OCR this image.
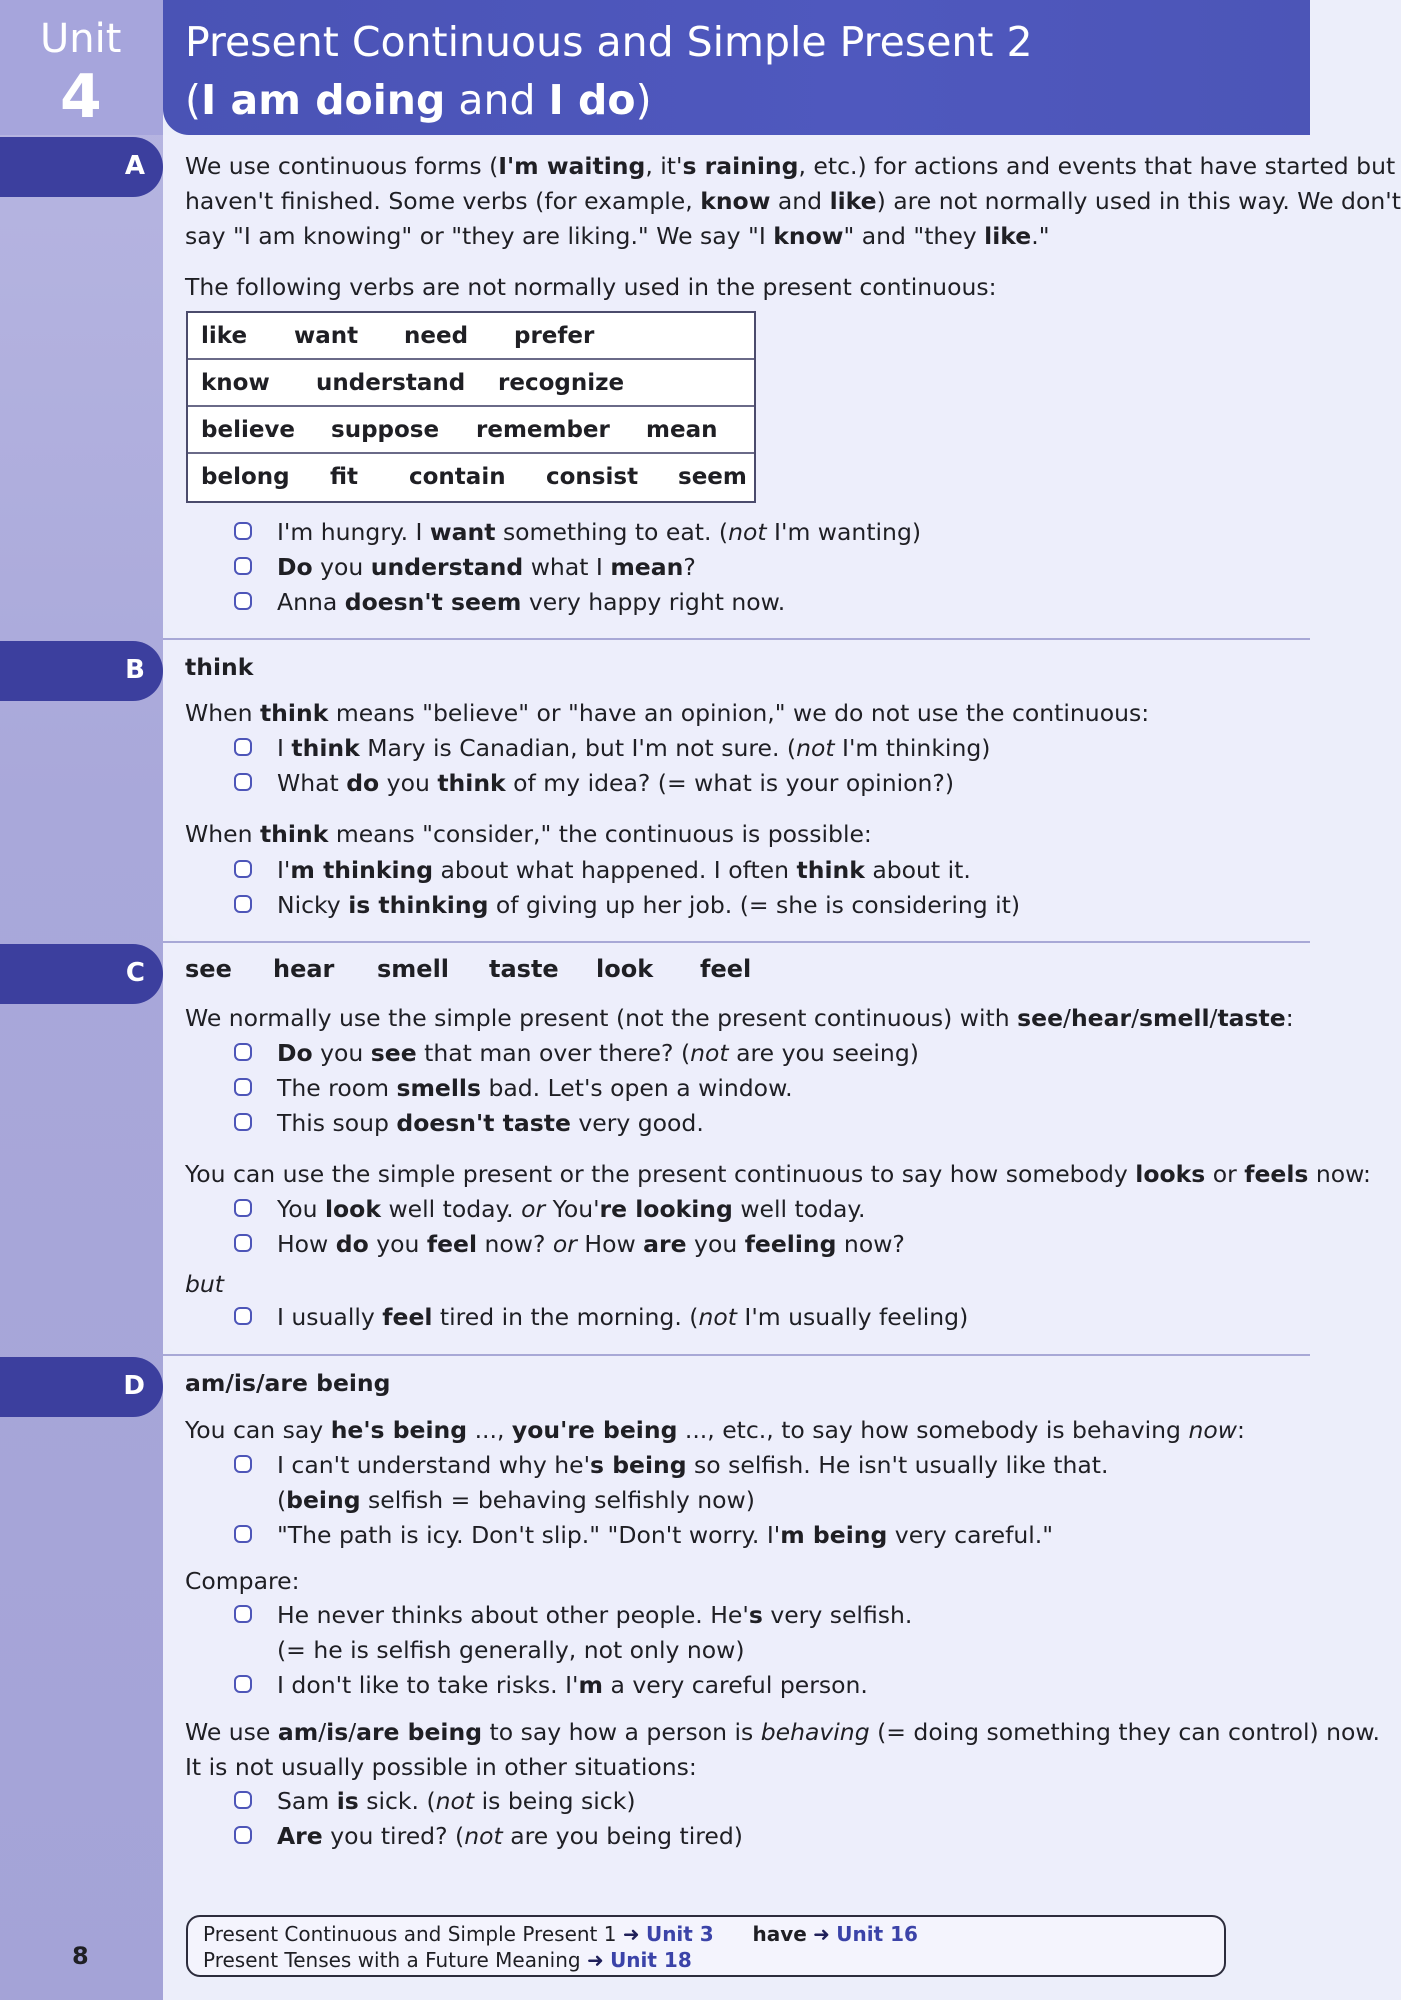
Unit
4
Present Continuous and Simple Present 2
(I am doing and I do)
A
B
C
D
We use continuous forms (I'm waiting, it's raining, etc.) for actions and events that have started but
haven't finished. Some verbs (for example, know and like) are not normally used in this way. We don't
say "I am knowing" or "they are liking." We say "I know" and "they like."
The following verbs are not normally used in the present continuous:
like want need prefer
know understand recognize
believe suppose remember mean
belong fit contain consist seem
I'm hungry. I want something to eat. (not I'm wanting)
Do you understand what I mean?
Anna doesn't seem very happy right now.
think
When think means "believe" or "have an opinion," we do not use the continuous:
I think Mary is Canadian, but I'm not sure. (not I'm thinking)
What do you think of my idea? (= what is your opinion?)
When think means "consider," the continuous is possible:
I'm thinking about what happened. I often think about it.
Nicky is thinking of giving up her job. (= she is considering it)
see hear smell taste look feel
We normally use the simple present (not the present continuous) with see/hear/smell/taste:
Do you see that man over there? (not are you seeing)
The room smells bad. Let's open a window.
This soup doesn't taste very good.
You can use the simple present or the present continuous to say how somebody looks or feels now:
You look well today. or You're looking well today.
How do you feel now? or How are you feeling now?
but
I usually feel tired in the morning. (not I'm usually feeling)
am/is/are being
You can say he's being ..., you're being ..., etc., to say how somebody is behaving now:
I can't understand why he's being so selfish. He isn't usually like that.
(being selfish = behaving selfishly now)
"The path is icy. Don't slip." "Don't worry. I'm being very careful."
Compare:
He never thinks about other people. He's very selfish.
(= he is selfish generally, not only now)
I don't like to take risks. I'm a very careful person.
We use am/is/are being to say how a person is behaving (= doing something they can control) now.
It is not usually possible in other situations:
Sam is sick. (not is being sick)
Are you tired? (not are you being tired)
Present Continuous and Simple Present 1 ➜ Unit 3 have ➜ Unit 16
Present Tenses with a Future Meaning ➜ Unit 18
8
